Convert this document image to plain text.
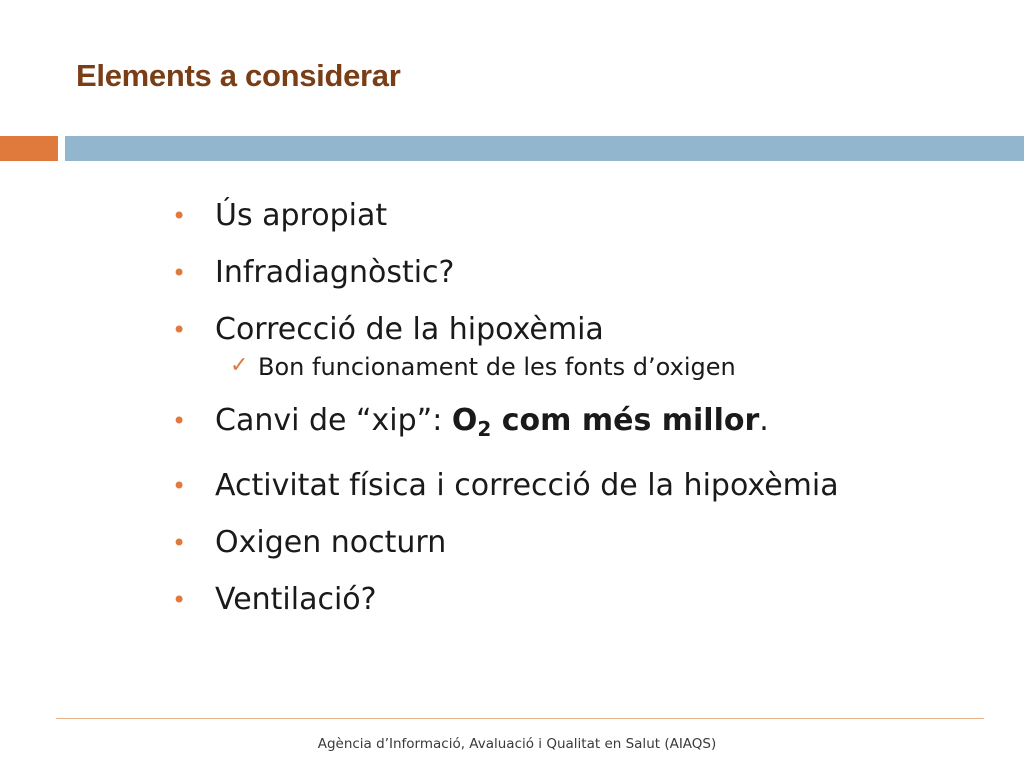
Elements a considerar
• Ús apropiat
• Infradiagnòstic?
• Correcció de la hipoxèmia
✓ Bon funcionament de les fonts d’oxigen
• Canvi de “xip”: $O_2$ com més millor.
• Activitat física i correcció de la hipoxèmia
• Oxigen nocturn
• Ventilació?
Agència d’Informació, Avaluació i Qualitat en Salut (AIAQS)
